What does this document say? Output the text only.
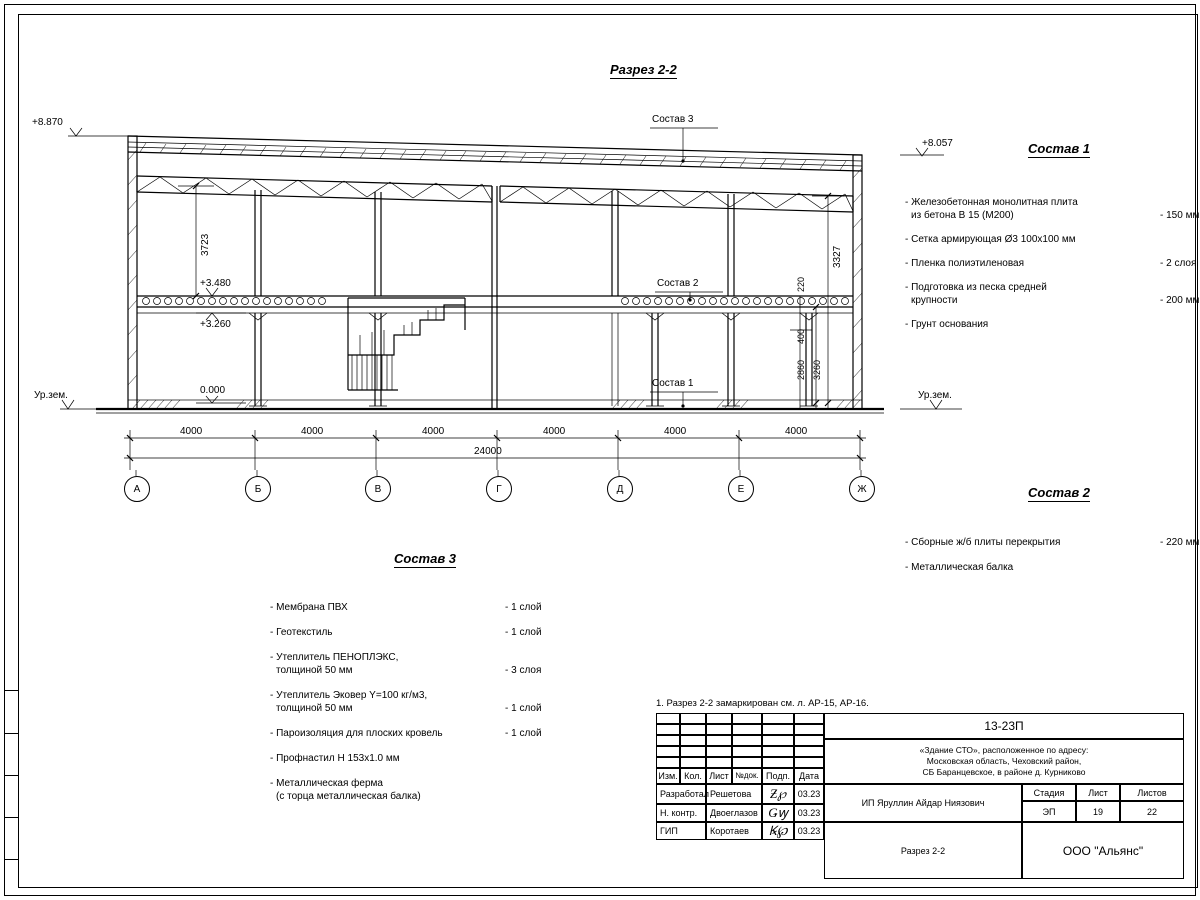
Разрез 2-2
+8.870
+8.057
+3.480
+3.260
0.000
Ур.зем.	Ур.зем.
Состав 3
Состав 2
Состав 1
3723
3327
220
400
2860 3260
4000	4000	4000	4000	4000	4000
24000
А	Б	В	Г	Д	Е	Ж
Состав 1
- Железобетонная монолитная плита
из бетона В 15 (М200)	- 150 мм
- Сетка армирующая Ø3 100х100 мм
- Пленка полиэтиленовая	- 2 слоя
- Подготовка из песка средней
крупности	- 200 мм
- Грунт основания
Состав 2
- Сборные ж/б плиты перекрытия	- 220 мм
- Металлическая балка
Состав 3
- Мембрана ПВХ	- 1 слой
- Геотекстиль	- 1 слой
- Утеплитель ПЕНОПЛЭКС,
толщиной 50 мм	- 3 слоя
- Утеплитель Эковер Y=100 кг/м3,
толщиной 50 мм	- 1 слой
- Пароизоляция для плоских кровель	- 1 слой
- Профнастил Н 153х1.0 мм
- Металлическая ферма
(с торца металлическая балка)
1. Разрез 2-2 замаркирован см. л. АР-15, АР-16.
Изм. Кол. Лист №док. Подп.	Дата
Разработал Решетова	Ƶ℘	03.23
Н. контр.	Двоеглазов Ǥꝡ	03.23
ГИП	Коротаев	Ꝃ℘	03.23
13-23П
«Здание СТО», расположенное по адресу:
Московская область, Чеховский район,
СБ Баранцевское, в районе д. Курниково
ИП Яруллин Айдар Ниязович
Разрез 2-2
Стадия	Лист	Листов
ЭП	19	22
ООО "Альянс"
